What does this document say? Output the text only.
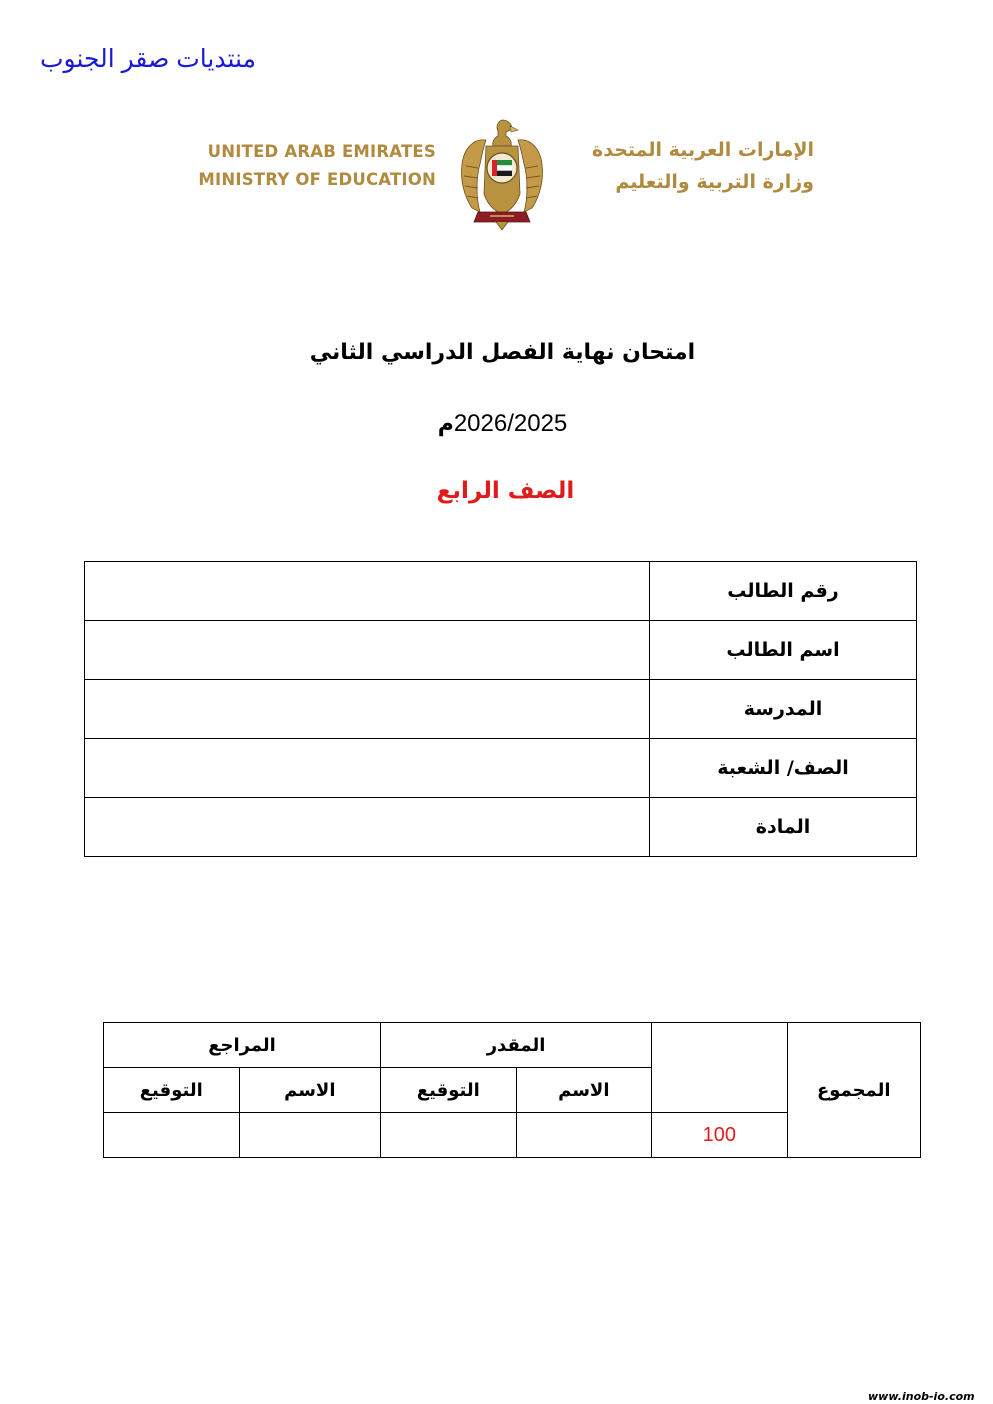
منتديات صقر الجنوب
UNITED ARAB EMIRATES
MINISTRY OF EDUCATION
الإمارات العربية المتحدة
وزارة التربية والتعليم
امتحان نهاية الفصل الدراسي الثاني
2026/2025م
الصف الرابع
رقم الطالب	
اسم الطالب	
المدرسة	
الصف/ الشعبة	
المادة	
المجموع		المقدر		المراجع	
		الاسم	التوقيع	الاسم	التوقيع
	100				
www.inob-io.com
